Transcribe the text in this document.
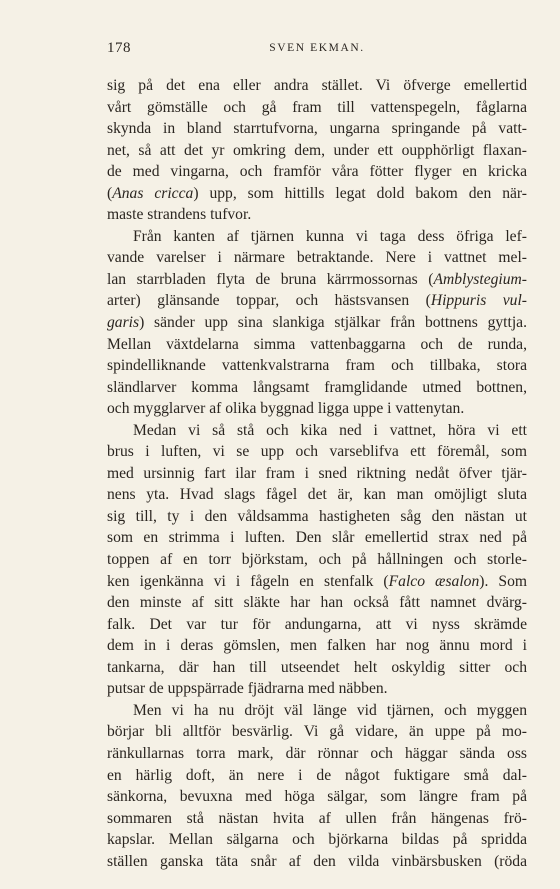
178	SVEN EKMAN.
sig på det ena eller andra stället. Vi öfverge emellertid
vårt gömställe och gå fram till vattenspegeln, fåglarna
skynda in bland starrtufvorna, ungarna springande på vatt-
net, så att det yr omkring dem, under ett oupphörligt flaxan-
de med vingarna, och framför våra fötter flyger en kricka
(Anas cricca) upp, som hittills legat dold bakom den när-
maste strandens tufvor.
Från kanten af tjärnen kunna vi taga dess öfriga lef-
vande varelser i närmare betraktande. Nere i vattnet mel-
lan starrbladen flyta de bruna kärrmossornas (Amblystegium-
arter) glänsande toppar, och hästsvansen (Hippuris vul-
garis) sänder upp sina slankiga stjälkar från bottnens gyttja.
Mellan växtdelarna simma vattenbaggarna och de runda,
spindelliknande vattenkvalstrarna fram och tillbaka, stora
sländlarver komma långsamt framglidande utmed bottnen,
och mygglarver af olika byggnad ligga uppe i vattenytan.
Medan vi så stå och kika ned i vattnet, höra vi ett
brus i luften, vi se upp och varseblifva ett föremål, som
med ursinnig fart ilar fram i sned riktning nedåt öfver tjär-
nens yta. Hvad slags fågel det är, kan man omöjligt sluta
sig till, ty i den våldsamma hastigheten såg den nästan ut
som en strimma i luften. Den slår emellertid strax ned på
toppen af en torr björkstam, och på hållningen och storle-
ken igenkänna vi i fågeln en stenfalk (Falco æsalon). Som
den minste af sitt släkte har han också fått namnet dvärg-
falk. Det var tur för andungarna, att vi nyss skrämde
dem in i deras gömslen, men falken har nog ännu mord i
tankarna, där han till utseendet helt oskyldig sitter och
putsar de uppspärrade fjädrarna med näbben.
Men vi ha nu dröjt väl länge vid tjärnen, och myggen
börjar bli alltför besvärlig. Vi gå vidare, än uppe på mo-
ränkullarnas torra mark, där rönnar och häggar sända oss
en härlig doft, än nere i de något fuktigare små dal-
sänkorna, bevuxna med höga sälgar, som längre fram på
sommaren stå nästan hvita af ullen från hängenas frö-
kapslar. Mellan sälgarna och björkarna bildas på spridda
ställen ganska täta snår af den vilda vinbärsbusken (röda
